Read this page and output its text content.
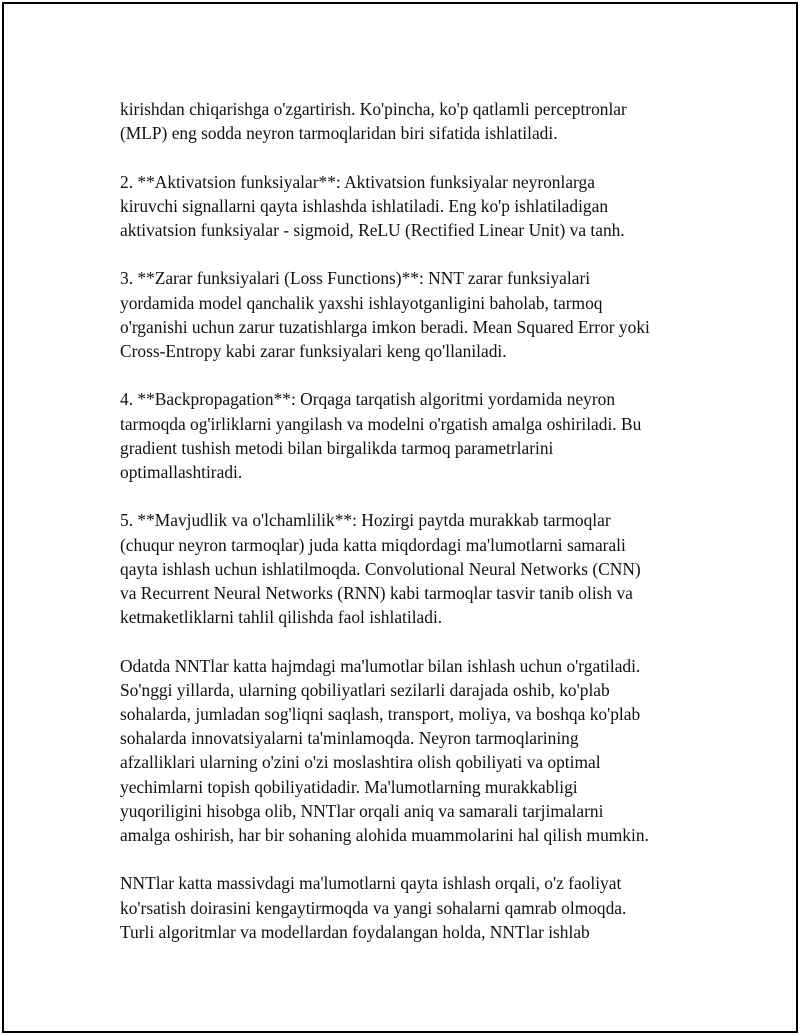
kirishdan chiqarishga o'zgartirish. Ko'pincha, ko'p qatlamli perceptronlar
(MLP) eng sodda neyron tarmoqlaridan biri sifatida ishlatiladi.

2. **Aktivatsion funksiyalar**: Aktivatsion funksiyalar neyronlarga
kiruvchi signallarni qayta ishlashda ishlatiladi. Eng ko'p ishlatiladigan
aktivatsion funksiyalar - sigmoid, ReLU (Rectified Linear Unit) va tanh.

3. **Zarar funksiyalari (Loss Functions)**: NNT zarar funksiyalari
yordamida model qanchalik yaxshi ishlayotganligini baholab, tarmoq
o'rganishi uchun zarur tuzatishlarga imkon beradi. Mean Squared Error yoki
Cross-Entropy kabi zarar funksiyalari keng qo'llaniladi.

4. **Backpropagation**: Orqaga tarqatish algoritmi yordamida neyron
tarmoqda og'irliklarni yangilash va modelni o'rgatish amalga oshiriladi. Bu
gradient tushish metodi bilan birgalikda tarmoq parametrlarini
optimallashtiradi.

5. **Mavjudlik va o'lchamlilik**: Hozirgi paytda murakkab tarmoqlar
(chuqur neyron tarmoqlar) juda katta miqdordagi ma'lumotlarni samarali
qayta ishlash uchun ishlatilmoqda. Convolutional Neural Networks (CNN)
va Recurrent Neural Networks (RNN) kabi tarmoqlar tasvir tanib olish va
ketmaketliklarni tahlil qilishda faol ishlatiladi.

Odatda NNTlar katta hajmdagi ma'lumotlar bilan ishlash uchun o'rgatiladi.
So'nggi yillarda, ularning qobiliyatlari sezilarli darajada oshib, ko'plab
sohalarda, jumladan sog'liqni saqlash, transport, moliya, va boshqa ko'plab
sohalarda innovatsiyalarni ta'minlamoqda. Neyron tarmoqlarining
afzalliklari ularning o'zini o'zi moslashtira olish qobiliyati va optimal
yechimlarni topish qobiliyatidadir. Ma'lumotlarning murakkabligi
yuqoriligini hisobga olib, NNTlar orqali aniq va samarali tarjimalarni
amalga oshirish, har bir sohaning alohida muammolarini hal qilish mumkin.

NNTlar katta massivdagi ma'lumotlarni qayta ishlash orqali, o'z faoliyat
ko'rsatish doirasini kengaytirmoqda va yangi sohalarni qamrab olmoqda.
Turli algoritmlar va modellardan foydalangan holda, NNTlar ishlab
